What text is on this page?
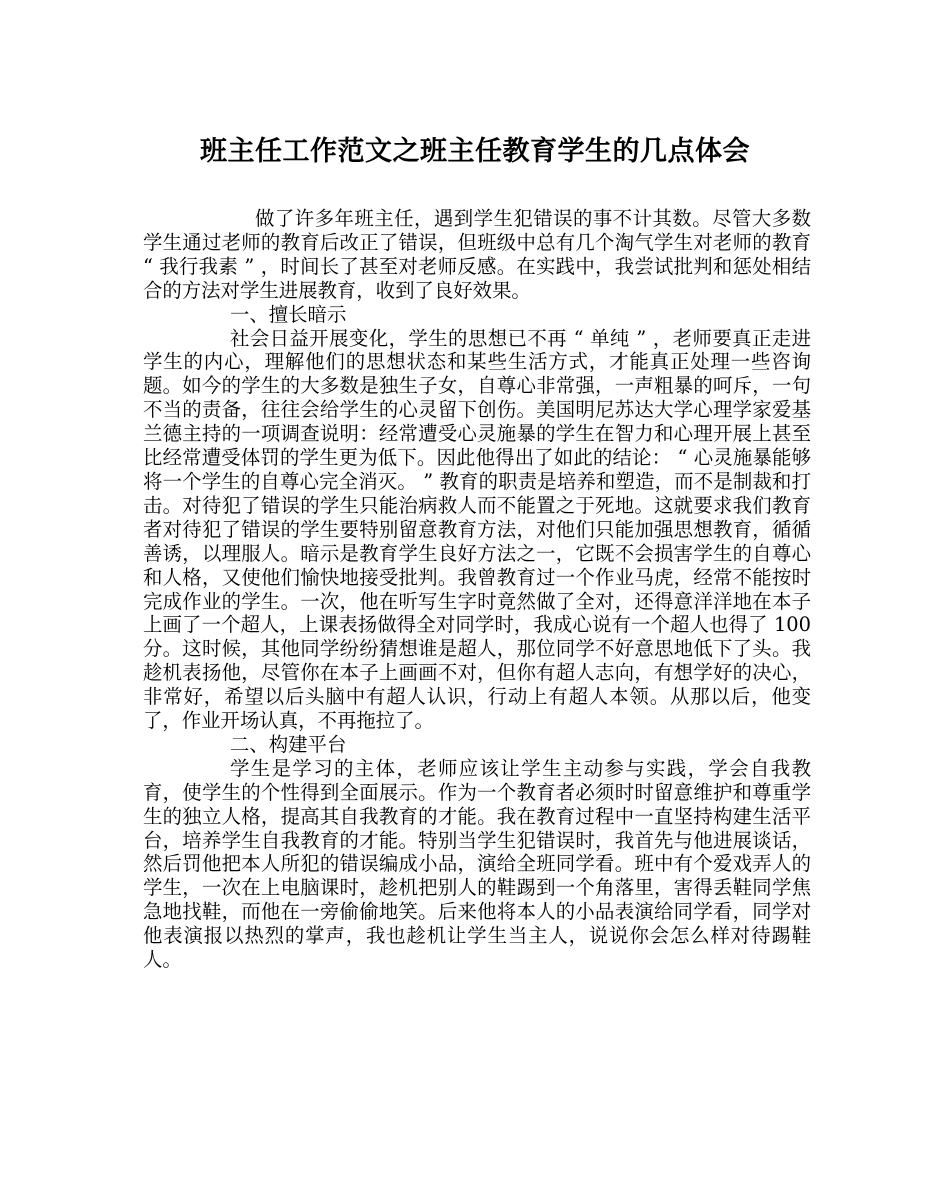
班主任工作范文之班主任教育学生的几点体会

做了许多年班主任，遇到学生犯错误的事不计其数。尽管大多数学生通过老师的教育后改正了错误，但班级中总有几个淘气学生对老师的教育 “ 我行我素 ” ，时间长了甚至对老师反感。在实践中，我尝试批判和惩处相结合的方法对学生进展教育，收到了良好效果。

一、擅长暗示

社会日益开展变化，学生的思想已不再 “ 单纯 ” ，老师要真正走进学生的内心，理解他们的思想状态和某些生活方式，才能真正处理一些咨询题。如今的学生的大多数是独生子女，自尊心非常强，一声粗暴的呵斥，一句不当的责备，往往会给学生的心灵留下创伤。美国明尼苏达大学心理学家爱基兰德主持的一项调查说明：经常遭受心灵施暴的学生在智力和心理开展上甚至比经常遭受体罚的学生更为低下。因此他得出了如此的结论： “ 心灵施暴能够将一个学生的自尊心完全消灭。 ” 教育的职责是培养和塑造，而不是制裁和打击。对待犯了错误的学生只能治病救人而不能置之于死地。这就要求我们教育者对待犯了错误的学生要特别留意教育方法，对他们只能加强思想教育，循循善诱，以理服人。暗示是教育学生良好方法之一，它既不会损害学生的自尊心和人格，又使他们愉快地接受批判。我曾教育过一个作业马虎，经常不能按时完成作业的学生。一次，他在听写生字时竟然做了全对，还得意洋洋地在本子上画了一个超人，上课表扬做得全对同学时，我成心说有一个超人也得了 100 分。这时候，其他同学纷纷猜想谁是超人，那位同学不好意思地低下了头。我趁机表扬他，尽管你在本子上画画不对，但你有超人志向，有想学好的决心，非常好，希望以后头脑中有超人认识，行动上有超人本领。从那以后，他变了，作业开场认真，不再拖拉了。

二、构建平台

学生是学习的主体，老师应该让学生主动参与实践，学会自我教育，使学生的个性得到全面展示。作为一个教育者必须时时留意维护和尊重学生的独立人格，提高其自我教育的才能。我在教育过程中一直坚持构建生活平台，培养学生自我教育的才能。特别当学生犯错误时，我首先与他进展谈话，然后罚他把本人所犯的错误编成小品，演给全班同学看。班中有个爱戏弄人的学生，一次在上电脑课时，趁机把别人的鞋踢到一个角落里，害得丢鞋同学焦急地找鞋，而他在一旁偷偷地笑。后来他将本人的小品表演给同学看，同学对他表演报以热烈的掌声，我也趁机让学生当主人，说说你会怎么样对待踢鞋人。
